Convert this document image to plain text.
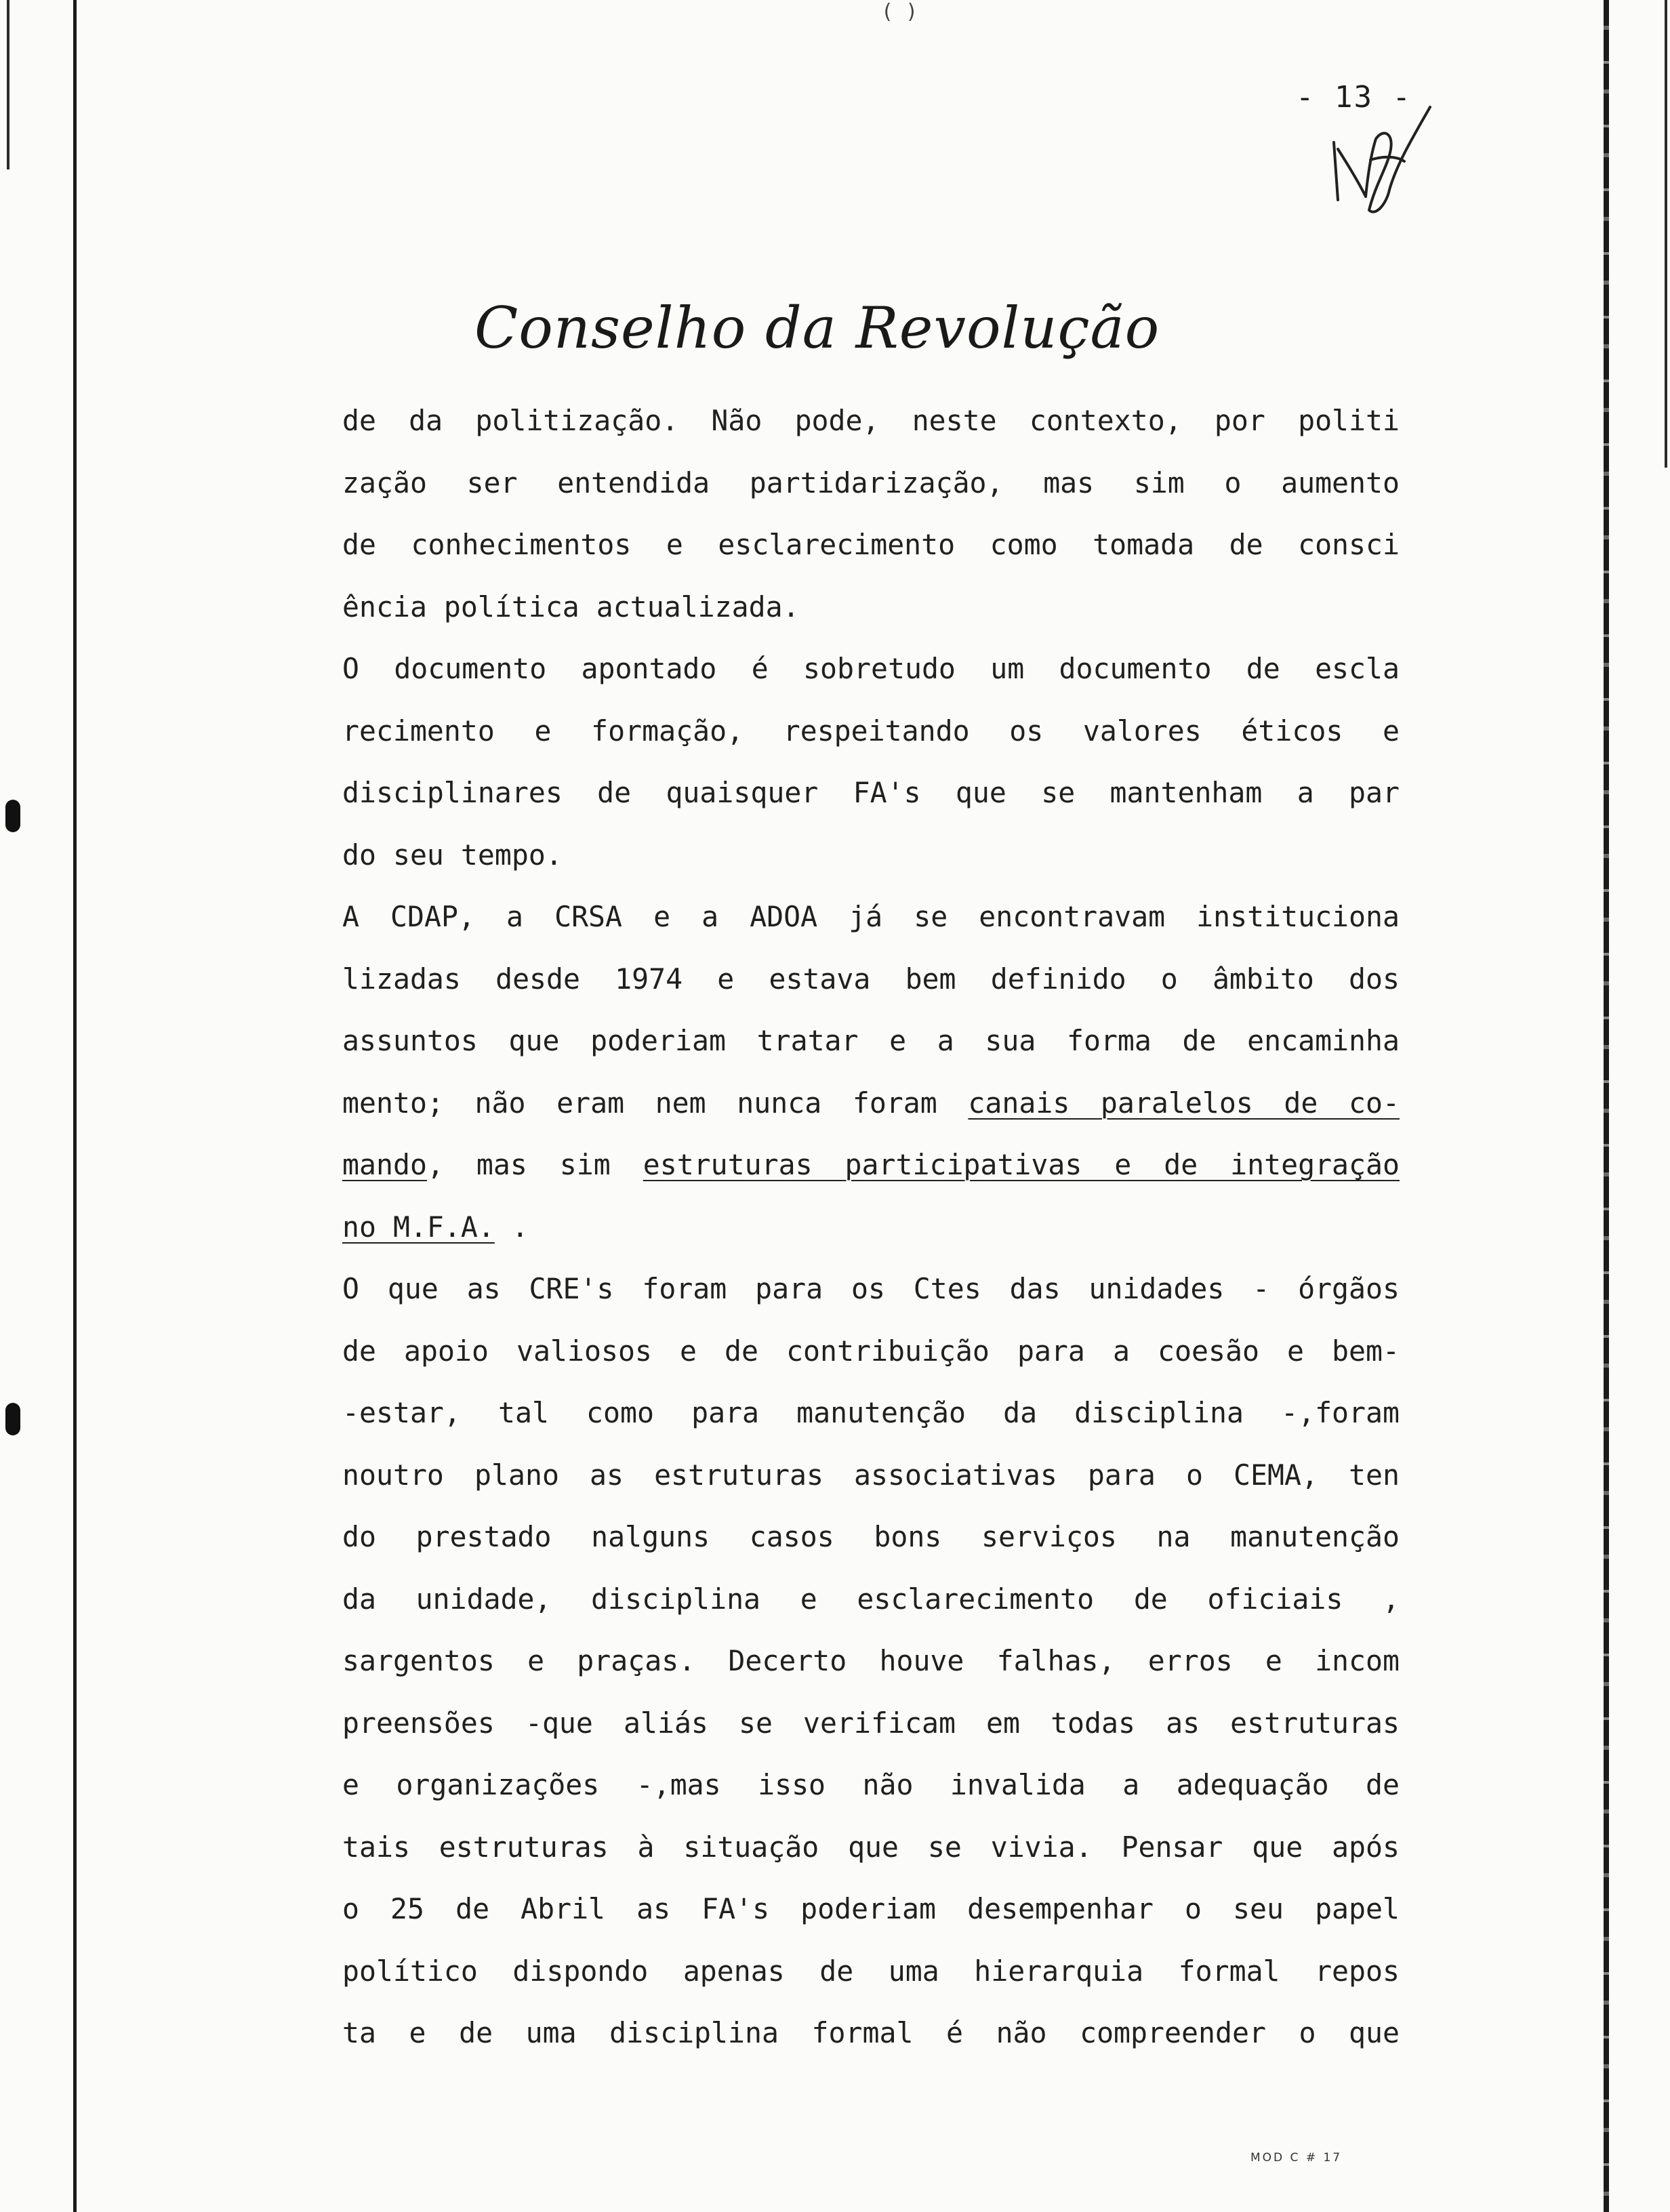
( )
- 13 -
Conselho da Revolução
de da politização. Não pode, neste contexto, por politi
zação ser entendida partidarização, mas sim o aumento
de conhecimentos e esclarecimento como tomada de consci
ência política actualizada.
O documento apontado é sobretudo um documento de escla
recimento e formação, respeitando os valores éticos e
disciplinares de quaisquer FA's que se mantenham a par
do seu tempo.
A CDAP, a CRSA e a ADOA já se encontravam instituciona
lizadas desde 1974 e estava bem definido o âmbito dos
assuntos que poderiam tratar e a sua forma de encaminha
mento; não eram nem nunca foram canais paralelos de co-
mando, mas sim estruturas participativas e de integração
no M.F.A. .
O que as CRE's foram para os Ctes das unidades - órgãos
de apoio valiosos e de contribuição para a coesão e bem-
-estar, tal como para manutenção da disciplina -,foram
noutro plano as estruturas associativas para o CEMA, ten
do prestado nalguns casos bons serviços na manutenção
da unidade, disciplina e esclarecimento de oficiais ,
sargentos e praças. Decerto houve falhas, erros e incom
preensões -que aliás se verificam em todas as estruturas
e organizações -,mas isso não invalida a adequação de
tais estruturas à situação que se vivia. Pensar que após
o 25 de Abril as FA's poderiam desempenhar o seu papel
político dispondo apenas de uma hierarquia formal repos
ta e de uma disciplina formal é não compreender o que
MOD C # 17
